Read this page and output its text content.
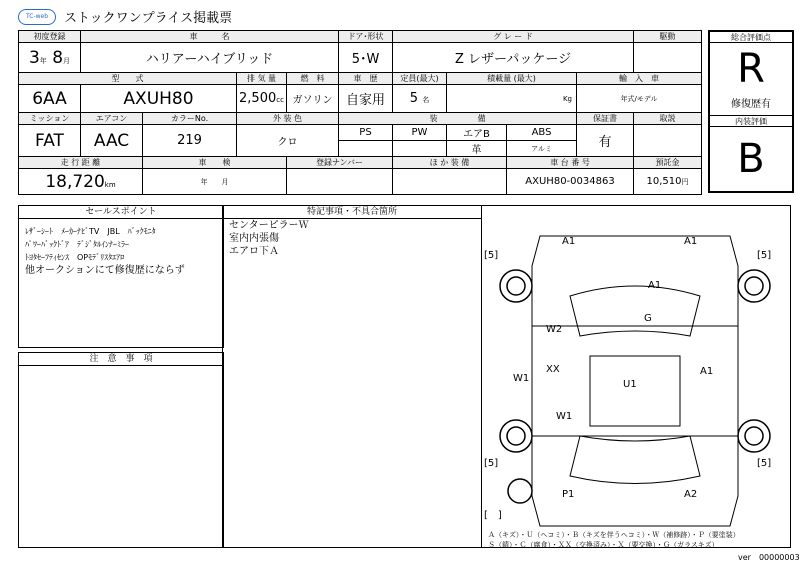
TC-web	ストックワンプライス掲載票
初度登録	車　　　名				ドア･形状	グ レ ー ド				駆動
3年 8月	ハリアーハイブリッド				5･W	Z レザーパッケージ				
型　　式			排 気 量	燃　料	車　歴	定員(最大)	積載量 (最大)		輸　入　車	
6AA	AXUH80		2,500cc	ガソリン	自家用	5 名	Kg		年式/モデル	
ミッション	エアコン	カラーNo.	外 装 色		装　　　　　備				保証書	取説
FAT	AAC	219	クロ		PS	PW	エアB	ABS	有	
							革	アルミ		
走 行 距 離		車　　検		登録ナンバー		ほ か 装 備		車 台 番 号		預託金
18,720km		年　　 月						AXUH80-0034863		10,510円
総合評価点
R
修復歴有
内装評価
B
セールスポイント
ﾚｻﾞｰｼｰﾄ　ﾒｰｶｰﾅﾋﾞTV　JBL　ﾊﾞｯｸﾓﾆﾀ
ﾊﾟﾜｰﾊﾞｯｸﾄﾞｱ　ﾃﾞｼﾞﾀﾙｲﾝﾅｰﾐﾗｰ
ﾄﾖﾀｾｰﾌﾃｨｾﾝｽ　OPﾓﾃﾞﾘｽﾀｴｱﾛ
他オークションにて修復歴にならず
注　意　事　項
特記事項・不具合箇所
センターピラーＷ
室内内張傷
エアロ下Ａ
A1	A1
A1
G
W2
XX
U1
W1
A1
W1
P1	A2
[5]	[5]
[5]	[5]
[　]
Ａ（キズ）・Ｕ（ヘコミ）・Ｂ（キズを伴うヘコミ）・Ｗ（補修跡）・Ｐ（要塗装）
Ｓ（錆）・Ｃ（腐食）・ＸＸ（交換済み）・Ｘ（要交換）・Ｇ（ガラスキズ）
ver　00000003
